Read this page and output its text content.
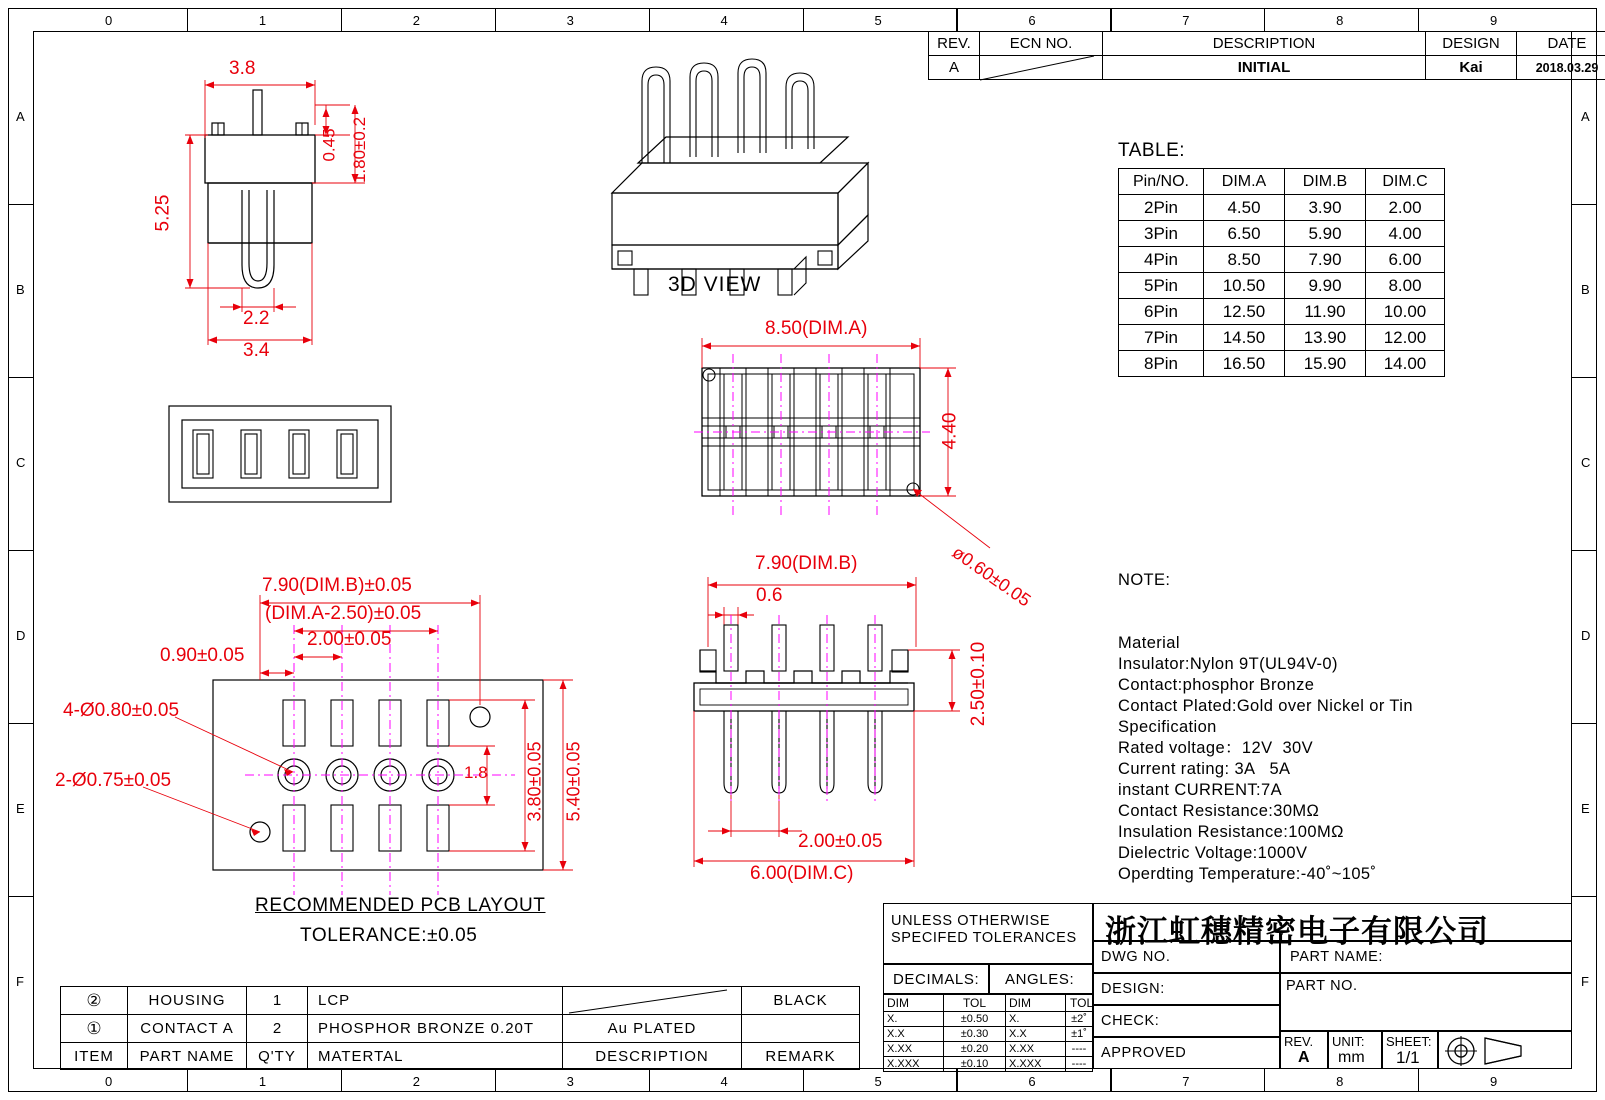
0
0
1
1
2
2
3
3
4
4
5
5
6
6
7
7
8
8
9
9
A	A
B	B
C	C
D	D
E	E
F	F
REV.	ECN NO.	DESCRIPTION	DESIGN	DATE
A		INITIAL	Kai	2018.03.29
3.8
5.25
0.45 1.80±0.2
2.2
3.4
3D VIEW
8.50(DIM.A)
4.40
ø0.60±0.05
7.90(DIM.B)
0.6
2.50±0.10
2.00±0.05
6.00(DIM.C)
7.90(DIM.B)±0.05
(DIM.A-2.50)±0.05
2.00±0.05
0.90±0.05
4-Ø0.80±0.05
2-Ø0.75±0.05	1.8 3.80±0.05 5.40±0.05
RECOMMENDED PCB LAYOUT
TOLERANCE:±0.05
TABLE:
Pin/NO.	DIM.A	DIM.B	DIM.C
2Pin	4.50	3.90	2.00
3Pin	6.50	5.90	4.00
4Pin	8.50	7.90	6.00
5Pin	10.50	9.90	8.00
6Pin	12.50	11.90	10.00
7Pin	14.50	13.90	12.00
8Pin	16.50	15.90	14.00

NOTE:

Material
Insulator:Nylon 9T(UL94V-0)
Contact:phosphor Bronze
Contact Plated:Gold over Nickel or Tin
Specification
Rated voltage：12V  30V
Current rating: 3A   5A
instant CURRENT:7A
Contact Resistance:30MΩ
Insulation Resistance:100MΩ
Dielectric Voltage:1000V
Operdting Temperature:-40˚~105˚

②	HOUSING	1	LCP		BLACK
①	CONTACT A	2	PHOSPHOR BRONZE 0.20T	Au PLATED	
ITEM	PART NAME	Q'TY	MATERTAL	DESCRIPTION	REMARK
UNLESS OTHERWISE
SPECIFED TOLERANCES
DECIMALS: ANGLES:
DIM	TOL	DIM	TOL
X.	±0.50	X.	±2˚
X.X	±0.30	X.X	±1˚
X.XX	±0.20	X.XX	----
X.XXX	±0.10	X.XXX	----
浙江虹穗精密电子有限公司
DWG NO.
DESIGN:
CHECK:
APPROVED
PART NAME:
PART NO.
REV.
A
UNIT:
mm
SHEET:
1/1
